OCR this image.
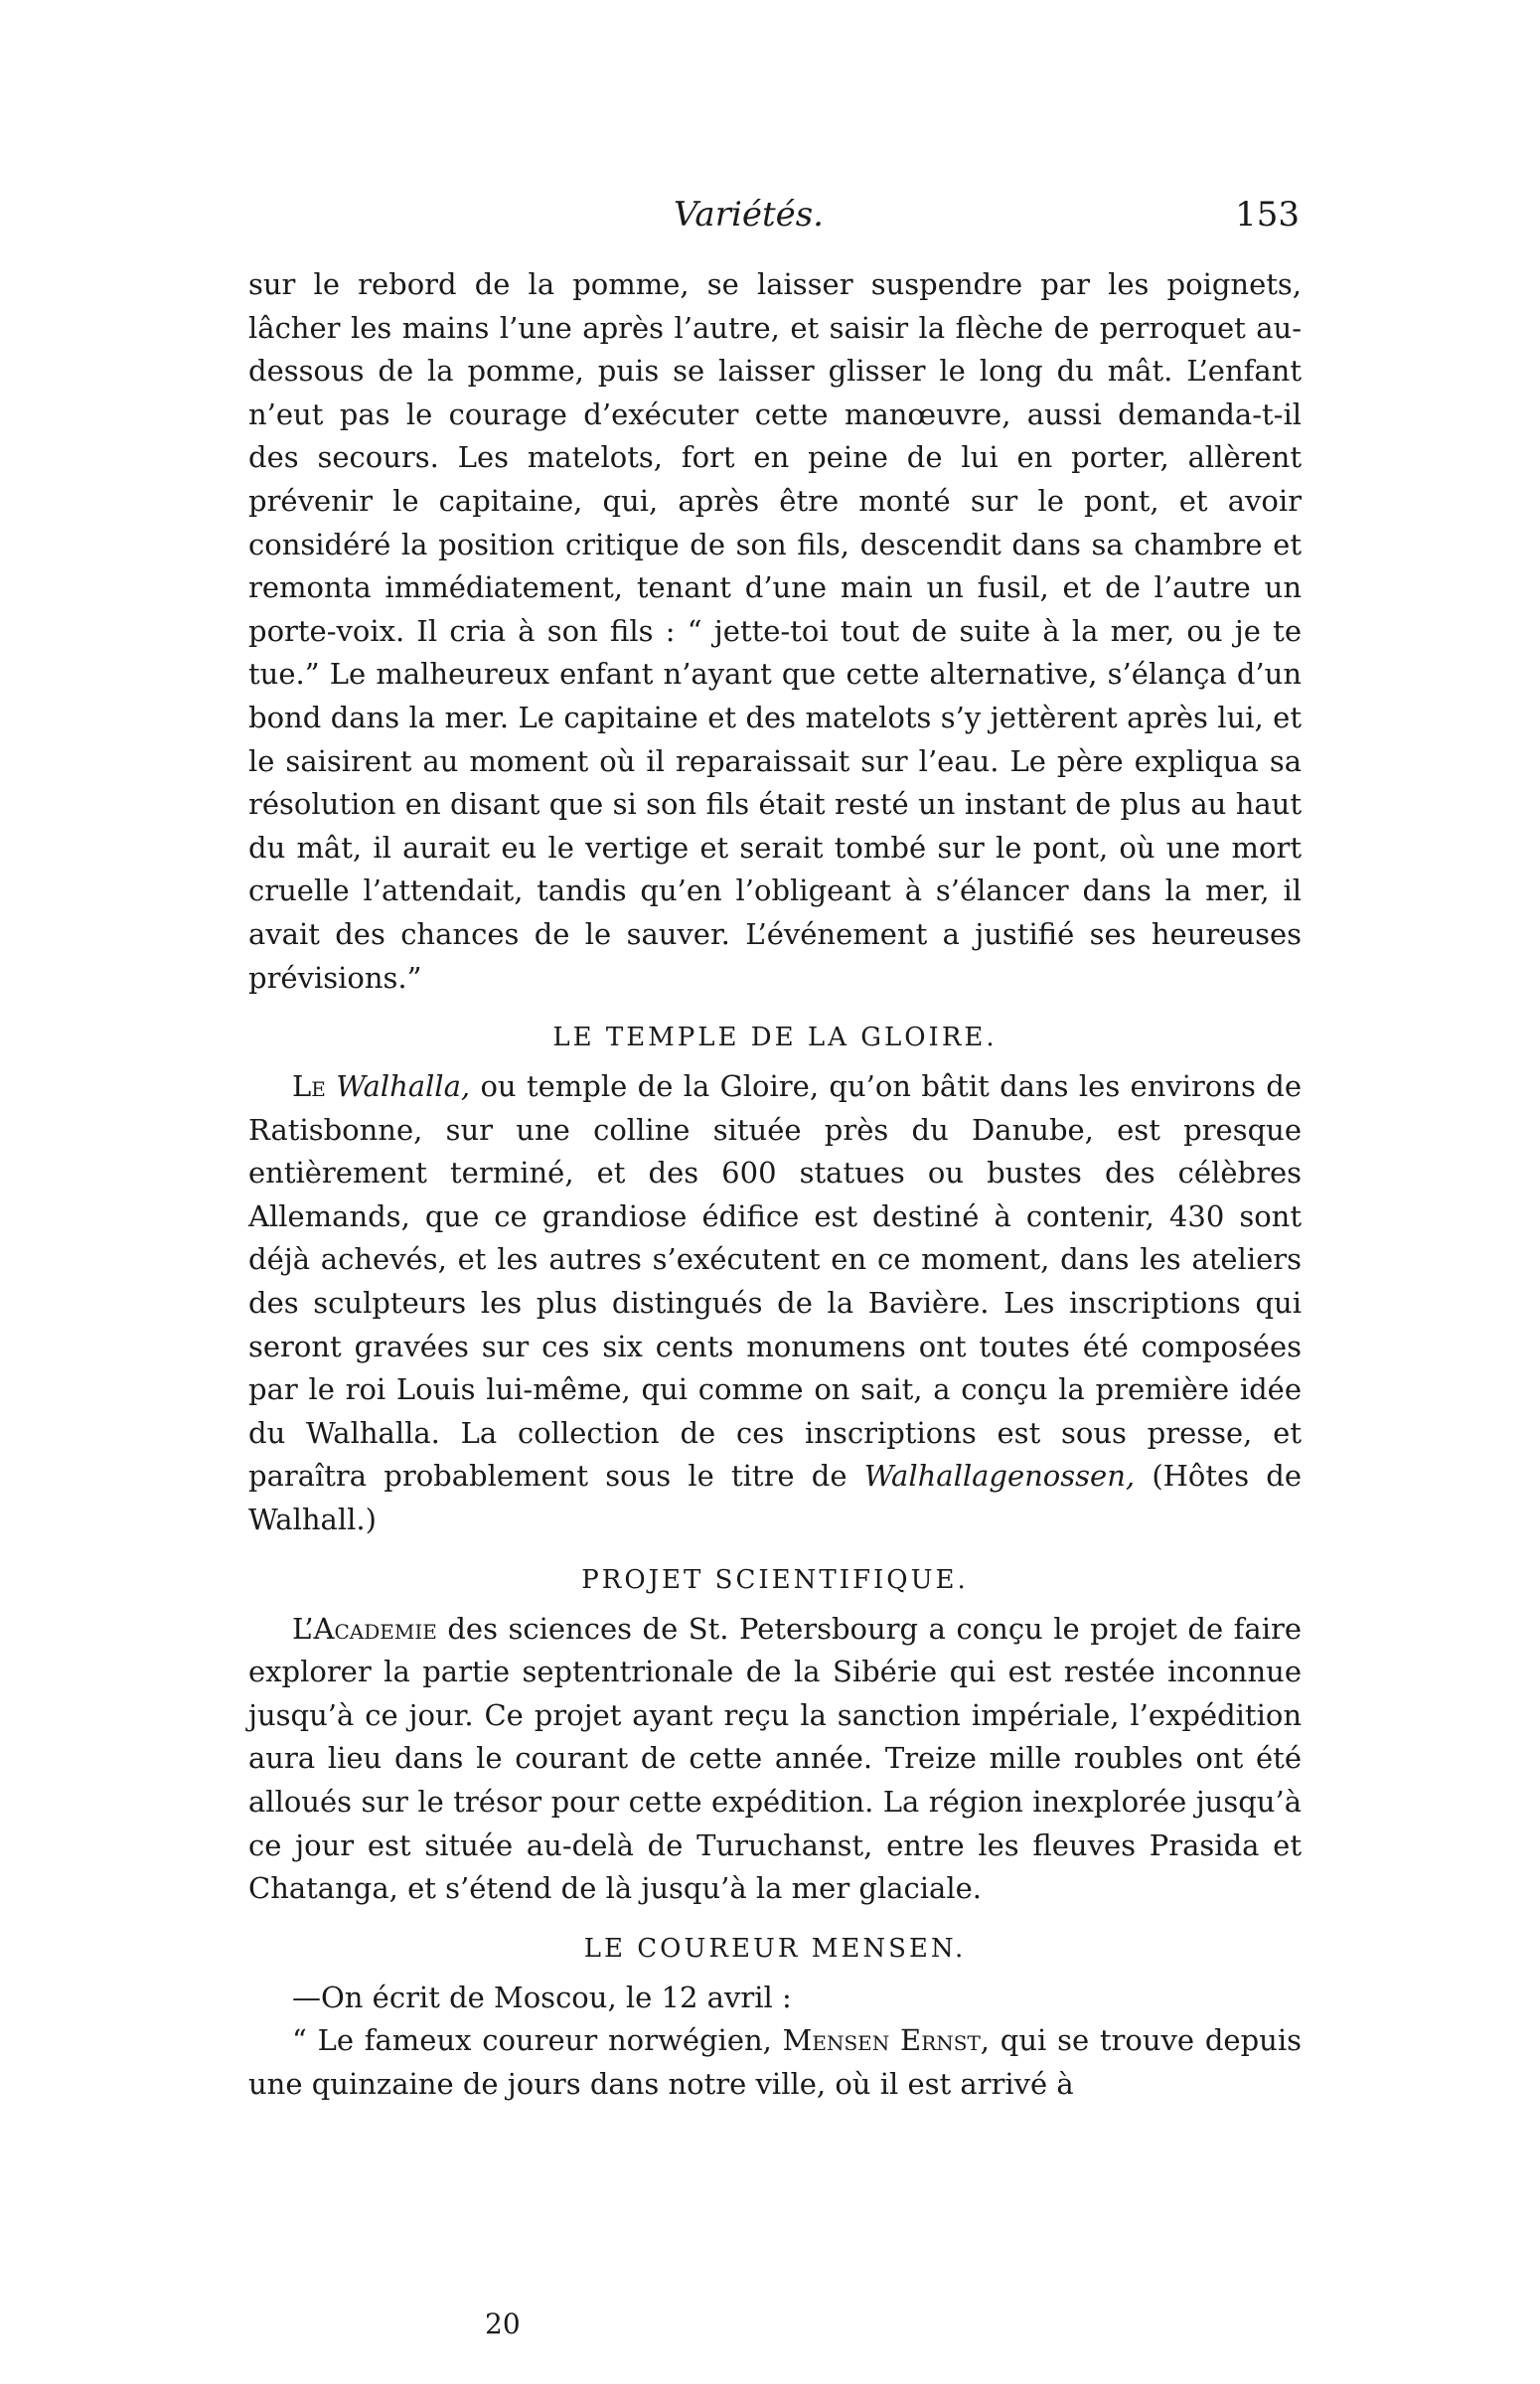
Variétés.	153

sur le rebord de la pomme, se laisser suspendre par les poignets, lâcher les mains l’une après l’autre, et saisir la flèche de perroquet au-dessous de la pomme, puis se laisser glisser le long du mât. L’enfant n’eut pas le courage d’exécuter cette manœuvre, aussi demanda-t-il des secours. Les matelots, fort en peine de lui en porter, allèrent prévenir le capitaine, qui, après être monté sur le pont, et avoir considéré la position critique de son fils, descendit dans sa chambre et remonta immédiatement, tenant d’une main un fusil, et de l’autre un porte-voix. Il cria à son fils : “ jette-toi tout de suite à la mer, ou je te tue.” Le malheureux enfant n’ayant que cette alternative, s’élança d’un bond dans la mer. Le capitaine et des matelots s’y jettèrent après lui, et le saisirent au moment où il reparaissait sur l’eau. Le père expliqua sa résolution en disant que si son fils était resté un instant de plus au haut du mât, il aurait eu le vertige et serait tombé sur le pont, où une mort cruelle l’attendait, tandis qu’en l’obligeant à s’élancer dans la mer, il avait des chances de le sauver. L’événement a justifié ses heureuses prévisions.”

LE TEMPLE DE LA GLOIRE.

Le Walhalla, ou temple de la Gloire, qu’on bâtit dans les environs de Ratisbonne, sur une colline située près du Danube, est presque entièrement terminé, et des 600 statues ou bustes des célèbres Allemands, que ce grandiose édifice est destiné à contenir, 430 sont déjà achevés, et les autres s’exécutent en ce moment, dans les ateliers des sculpteurs les plus distingués de la Bavière. Les inscriptions qui seront gravées sur ces six cents monumens ont toutes été composées par le roi Louis lui-même, qui comme on sait, a conçu la première idée du Walhalla. La collection de ces inscriptions est sous presse, et paraîtra probablement sous le titre de Walhallagenossen, (Hôtes de Walhall.)

PROJET SCIENTIFIQUE.

L’Academie des sciences de St. Petersbourg a conçu le projet de faire explorer la partie septentrionale de la Sibérie qui est restée inconnue jusqu’à ce jour. Ce projet ayant reçu la sanction impériale, l’expédition aura lieu dans le courant de cette année. Treize mille roubles ont été alloués sur le trésor pour cette expédition. La région inexplorée jusqu’à ce jour est située au-delà de Turuchanst, entre les fleuves Prasida et Chatanga, et s’étend de là jusqu’à la mer glaciale.

LE COUREUR MENSEN.

—On écrit de Moscou, le 12 avril :

“ Le fameux coureur norwégien, Mensen Ernst, qui se trouve depuis une quinzaine de jours dans notre ville, où il est arrivé à

20
